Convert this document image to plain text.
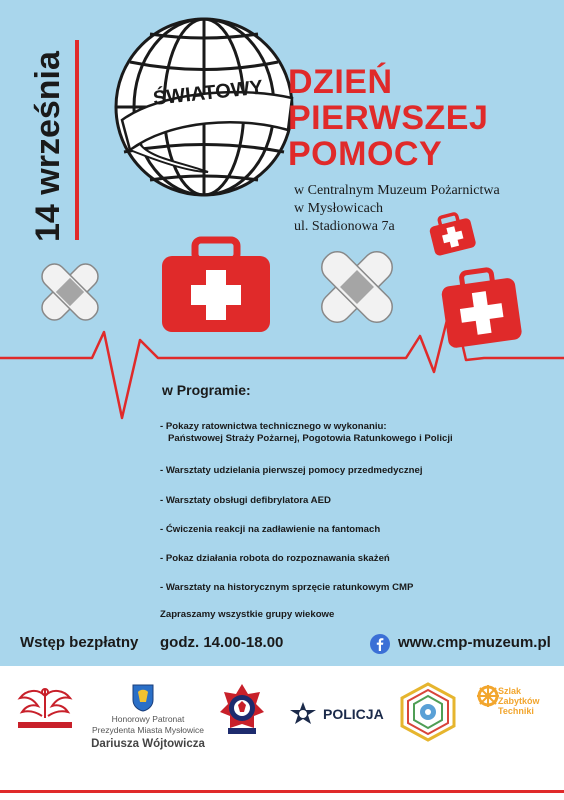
14 września	ŚWIATOWY DZIEŃ
PIERWSZEJ
POMOCY
w Centralnym Muzeum Pożarnictwa
w Mysłowicach
ul. Stadionowa 7a
w Programie:
- Pokazy ratownictwa technicznego w wykonaniu:
Państwowej Straży Pożarnej, Pogotowia Ratunkowego i Policji
- Warsztaty udzielania pierwszej pomocy przedmedycznej
- Warsztaty obsługi defibrylatora AED
- Ćwiczenia reakcji na zadławienie na fantomach
- Pokaz działania robota do rozpoznawania skażeń
- Warsztaty na historycznym sprzęcie ratunkowym CMP
Zapraszamy wszystkie grupy wiekowe
Wstęp bezpłatny godz. 14.00-18.00	www.cmp-muzeum.pl
Honorowy Patronat
Prezydenta Miasta Mysłowice
Dariusza Wójtowicza
POLICJA
Szlak
Zabytków
Techniki
